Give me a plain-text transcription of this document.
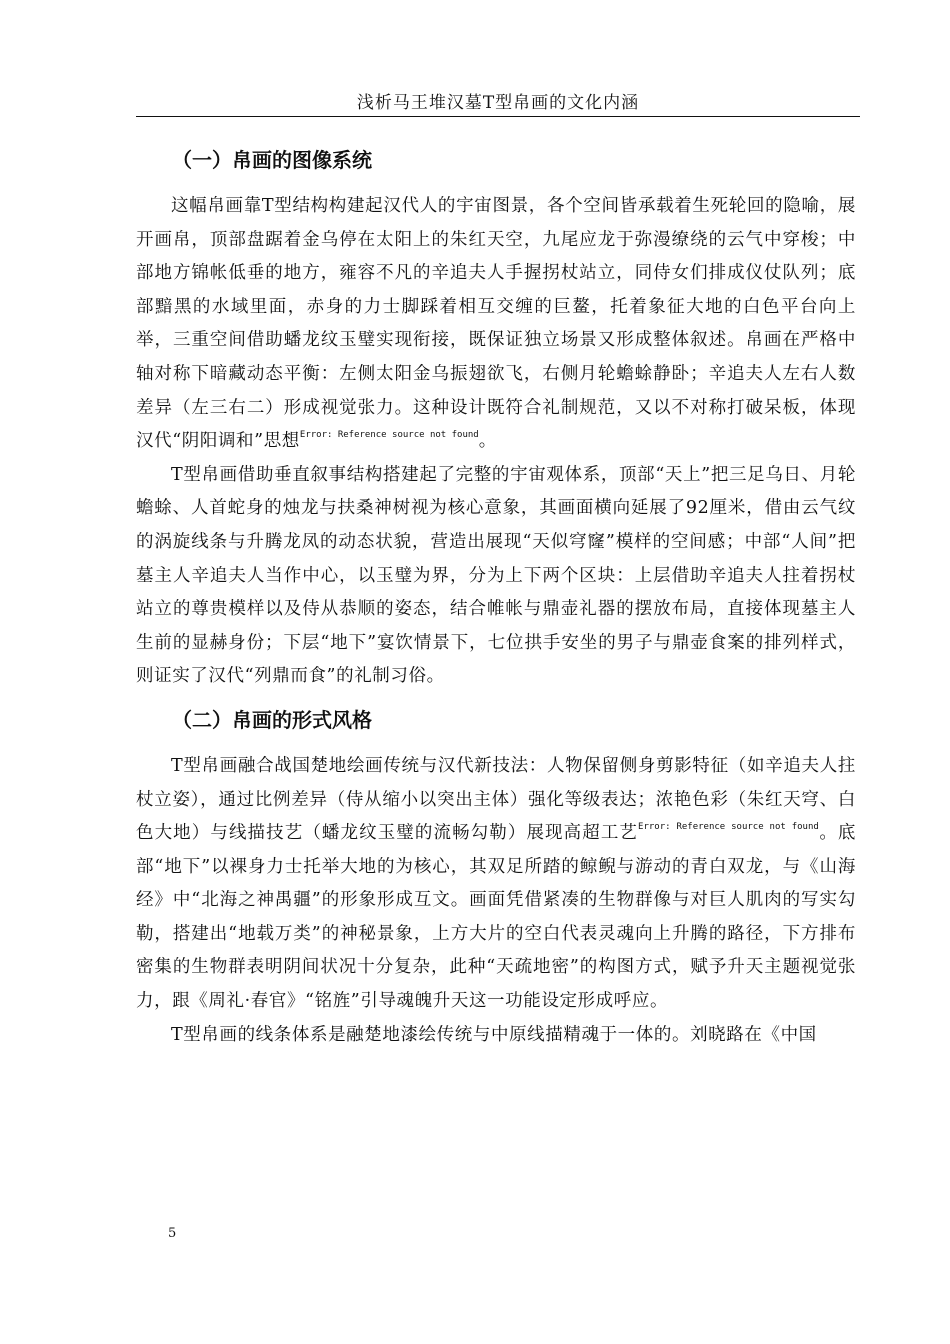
浅析马王堆汉墓T型帛画的文化内涵
（一）帛画的图像系统

这幅帛画靠T型结构构建起汉代人的宇宙图景，各个空间皆承载着生死轮回的隐喻，展开画帛，顶部盘踞着金乌停在太阳上的朱红天空，九尾应龙于弥漫缭绕的云气中穿梭；中部地方锦帐低垂的地方，雍容不凡的辛追夫人手握拐杖站立，同侍女们排成仪仗队列；底部黯黑的水域里面，赤身的力士脚踩着相互交缠的巨鳌，托着象征大地的白色平台向上举，三重空间借助蟠龙纹玉璧实现衔接，既保证独立场景又形成整体叙述。帛画在严格中轴对称下暗藏动态平衡：左侧太阳金乌振翅欲飞，右侧月轮蟾蜍静卧；辛追夫人左右人数差异（左三右二）形成视觉张力。这种设计既符合礼制规范，又以不对称打破呆板，体现汉代“阴阳调和”思想$^{Error: Reference source not found}$。

T型帛画借助垂直叙事结构搭建起了完整的宇宙观体系，顶部“天上”把三足乌日、月轮蟾蜍、人首蛇身的烛龙与扶桑神树视为核心意象，其画面横向延展了92厘米，借由云气纹的涡旋线条与升腾龙凤的动态状貌，营造出展现“天似穹窿”模样的空间感；中部“人间”把墓主人辛追夫人当作中心，以玉璧为界，分为上下两个区块：上层借助辛追夫人拄着拐杖站立的尊贵模样以及侍从恭顺的姿态，结合帷帐与鼎壶礼器的摆放布局，直接体现墓主人生前的显赫身份；下层“地下”宴饮情景下，七位拱手安坐的男子与鼎壶食案的排列样式，则证实了汉代“列鼎而食”的礼制习俗。

（二）帛画的形式风格

T型帛画融合战国楚地绘画传统与汉代新技法：人物保留侧身剪影特征（如辛追夫人拄杖立姿），通过比例差异（侍从缩小以突出主体）强化等级表达；浓艳色彩（朱红天穹、白色大地）与线描技艺（蟠龙纹玉璧的流畅勾勒）展现高超工艺$^{Error: Reference source not found}$。底部“地下”以裸身力士托举大地的为核心，其双足所踏的鲸鲵与游动的青白双龙，与《山海经》中“北海之神禺疆”的形象形成互文。画面凭借紧凑的生物群像与对巨人肌肉的写实勾勒，搭建出“地载万类”的神秘景象，上方大片的空白代表灵魂向上升腾的路径，下方排布密集的生物群表明阴间状况十分复杂，此种“天疏地密”的构图方式，赋予升天主题视觉张力，跟《周礼·春官》“铭旌”引导魂魄升天这一功能设定形成呼应。

T型帛画的线条体系是融楚地漆绘传统与中原线描精魂于一体的。刘晓路在《中国

5
